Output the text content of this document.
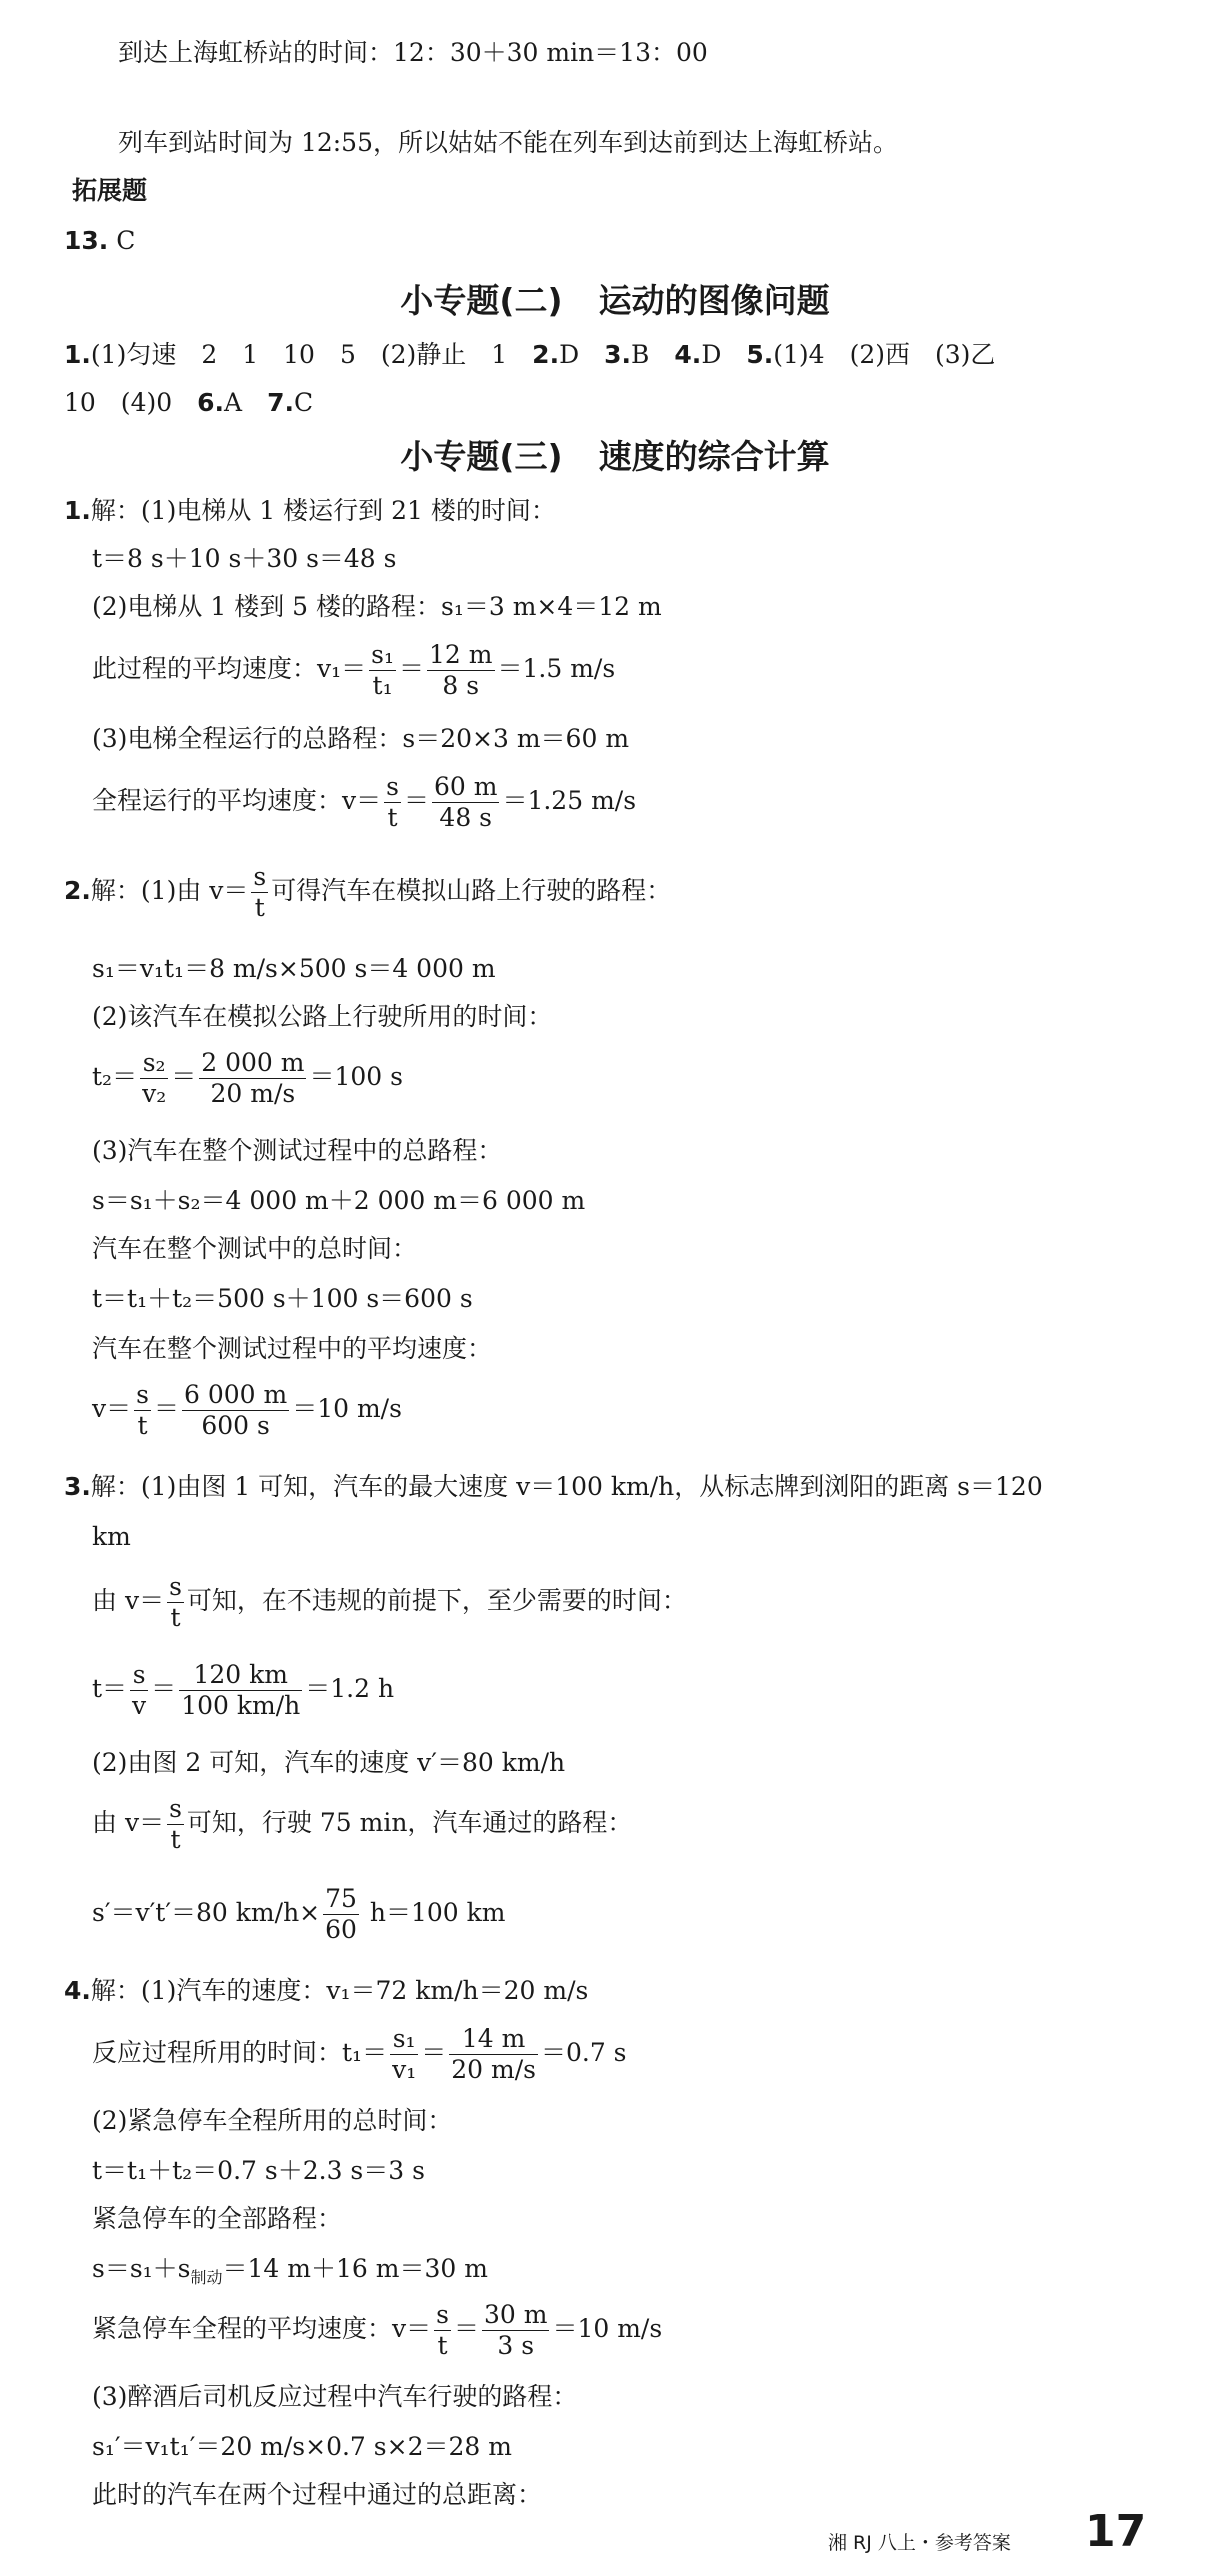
到达上海虹桥站的时间：12：30＋30 min＝13：00
列车到站时间为 12:55，所以姑姑不能在列车到达前到达上海虹桥站。
拓展题
13. C
小专题(二) 运动的图像问题
1.(1)匀速　2　1　10　5　(2)静止　1　2.D　3.B　4.D　5.(1)4　(2)西　(3)乙
10　(4)0　6.A　7.C
小专题(三) 速度的综合计算
1.解：(1)电梯从 1 楼运行到 21 楼的时间：
t＝8 s＋10 s＋30 s＝48 s
(2)电梯从 1 楼到 5 楼的路程：s₁＝3 m×4＝12 m
此过程的平均速度：$v_1= \frac{\text{s₁}}{\text{t₁}} = \frac{12 m}{8 s} =1.5$ m/s
(3)电梯全程运行的总路程：s＝20×3 m＝60 m
全程运行的平均速度：$v= \frac{s}{t} = \frac{60 m}{48 s} =1.25$ m/s
2.解：(1)由 $v= \frac{s}{t}$ 可得汽车在模拟山路上行驶的路程：
s₁＝v₁t₁＝8 m/s×500 s＝4 000 m
(2)该汽车在模拟公路上行驶所用的时间：
$t_2= \frac{\text{s₂}}{\text{v₂}} = \frac{2 000 m}{20 m/s} =100$ s
(3)汽车在整个测试过程中的总路程：
s＝s₁＋s₂＝4 000 m＋2 000 m＝6 000 m
汽车在整个测试中的总时间：
t＝t₁＋t₂＝500 s＋100 s＝600 s
汽车在整个测试过程中的平均速度：
$v= \frac{s}{t} = \frac{6 000 m}{600 s} =10$ m/s
3.解：(1)由图 1 可知，汽车的最大速度 v＝100 km/h，从标志牌到浏阳的距离 s＝120
km
由 $v= \frac{s}{t}$ 可知，在不违规的前提下，至少需要的时间：
$t= \frac{s}{v} = \frac{120 km}{100 km/h} =1.2$ h
(2)由图 2 可知，汽车的速度 v′＝80 km/h
由 $v= \frac{s}{t}$ 可知，行驶 75 min，汽车通过的路程：
s′＝v′t′＝80 $km/h\times \frac{75}{60} h=100$ km
4.解：(1)汽车的速度：v₁＝72 km/h＝20 m/s
反应过程所用的时间：$t_1= \frac{\text{s₁}}{\text{v₁}} = \frac{14 m}{20 m/s} =0.7$ s
(2)紧急停车全程所用的总时间：
t＝t₁＋t₂＝0.7 s＋2.3 s＝3 s
紧急停车的全部路程：
$s=s_1+s_{制动}=14$ m＋16 m＝30 m
紧急停车全程的平均速度：$v= \frac{s}{t} = \frac{30 m}{3 s} =10$ m/s
(3)醉酒后司机反应过程中汽车行驶的路程：
s₁′＝v₁t₁′＝20 m/s×0.7 s×2＝28 m
此时的汽车在两个过程中通过的总距离：
湘 RJ 八上・参考答案 17
